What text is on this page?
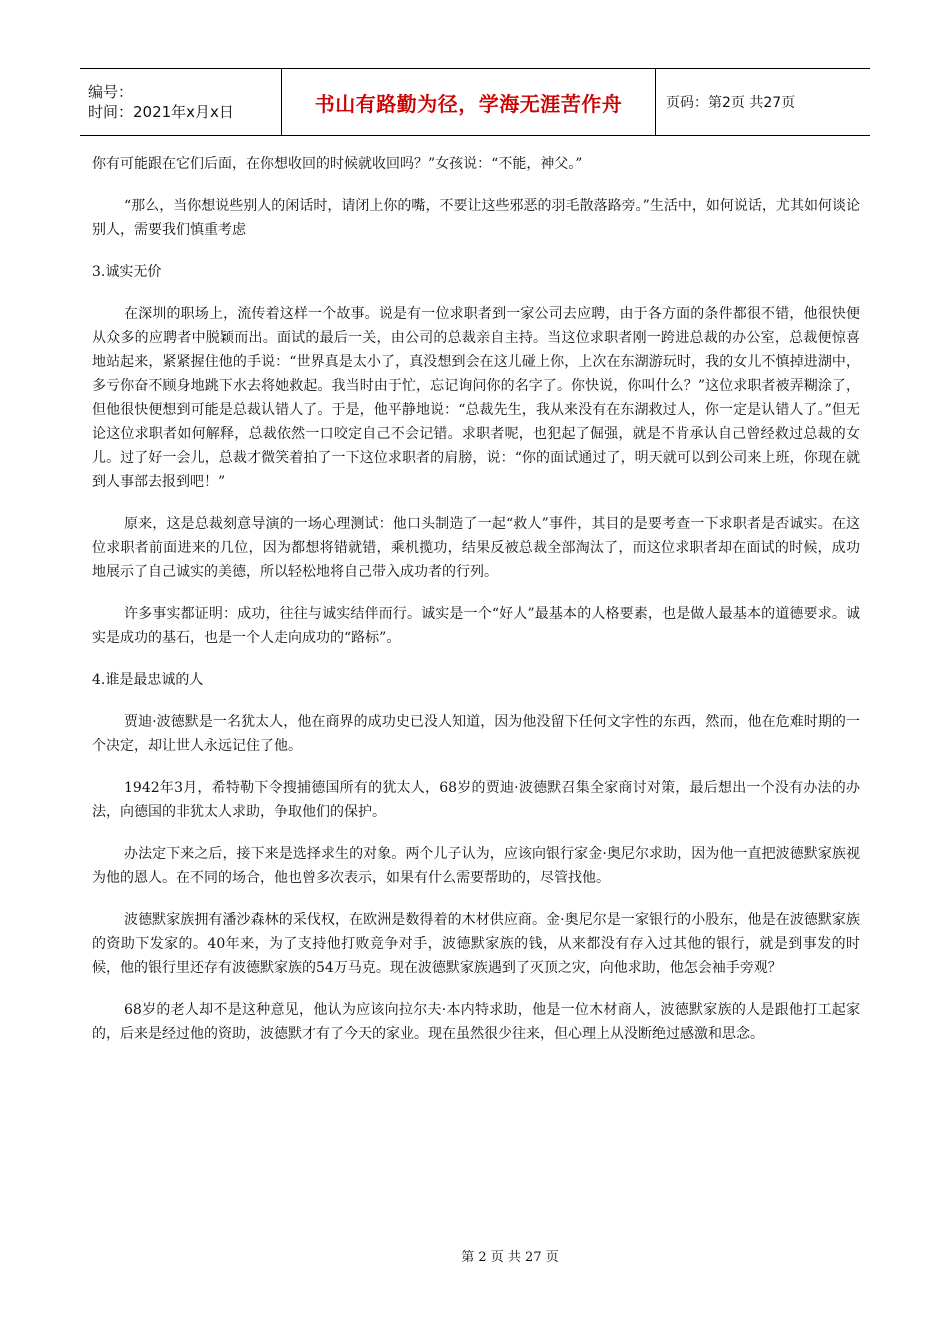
编号：
时间：2021年x月x日	书山有路勤为径，学海无涯苦作舟	页码：第2页 共27页

你有可能跟在它们后面，在你想收回的时候就收回吗？”女孩说：“不能，神父。”

“那么，当你想说些别人的闲话时，请闭上你的嘴，不要让这些邪恶的羽毛散落路旁。”生活中，如何说话，尤其如何谈论别人，需要我们慎重考虑

3.诚实无价

在深圳的职场上，流传着这样一个故事。说是有一位求职者到一家公司去应聘，由于各方面的条件都很不错，他很快便从众多的应聘者中脱颖而出。面试的最后一关，由公司的总裁亲自主持。当这位求职者刚一跨进总裁的办公室，总裁便惊喜地站起来，紧紧握住他的手说：“世界真是太小了，真没想到会在这儿碰上你，上次在东湖游玩时，我的女儿不慎掉进湖中，多亏你奋不顾身地跳下水去将她救起。我当时由于忙，忘记询问你的名字了。你快说，你叫什么？”这位求职者被弄糊涂了，但他很快便想到可能是总裁认错人了。于是，他平静地说：“总裁先生，我从来没有在东湖救过人，你一定是认错人了。”但无论这位求职者如何解释，总裁依然一口咬定自己不会记错。求职者呢，也犯起了倔强，就是不肯承认自己曾经救过总裁的女儿。过了好一会儿，总裁才微笑着拍了一下这位求职者的肩膀，说：“你的面试通过了，明天就可以到公司来上班，你现在就到人事部去报到吧！”

原来，这是总裁刻意导演的一场心理测试：他口头制造了一起“救人”事件，其目的是要考查一下求职者是否诚实。在这位求职者前面进来的几位，因为都想将错就错，乘机揽功，结果反被总裁全部淘汰了，而这位求职者却在面试的时候，成功地展示了自己诚实的美德，所以轻松地将自己带入成功者的行列。

许多事实都证明：成功，往往与诚实结伴而行。诚实是一个“好人”最基本的人格要素，也是做人最基本的道德要求。诚实是成功的基石，也是一个人走向成功的“路标”。

4.谁是最忠诚的人

贾迪·波德默是一名犹太人，他在商界的成功史已没人知道，因为他没留下任何文字性的东西，然而，他在危难时期的一个决定，却让世人永远记住了他。

1942年3月，希特勒下令搜捕德国所有的犹太人，68岁的贾迪·波德默召集全家商讨对策，最后想出一个没有办法的办法，向德国的非犹太人求助，争取他们的保护。

办法定下来之后，接下来是选择求生的对象。两个儿子认为，应该向银行家金·奥尼尔求助，因为他一直把波德默家族视为他的恩人。在不同的场合，他也曾多次表示，如果有什么需要帮助的，尽管找他。

波德默家族拥有潘沙森林的采伐权，在欧洲是数得着的木材供应商。金·奥尼尔是一家银行的小股东，他是在波德默家族的资助下发家的。40年来，为了支持他打败竞争对手，波德默家族的钱，从来都没有存入过其他的银行，就是到事发的时候，他的银行里还存有波德默家族的54万马克。现在波德默家族遇到了灭顶之灾，向他求助，他怎会袖手旁观？

68岁的老人却不是这种意见，他认为应该向拉尔夫·本内特求助，他是一位木材商人，波德默家族的人是跟他打工起家的，后来是经过他的资助，波德默才有了今天的家业。现在虽然很少往来，但心理上从没断绝过感激和思念。

第 2 页 共 27 页
